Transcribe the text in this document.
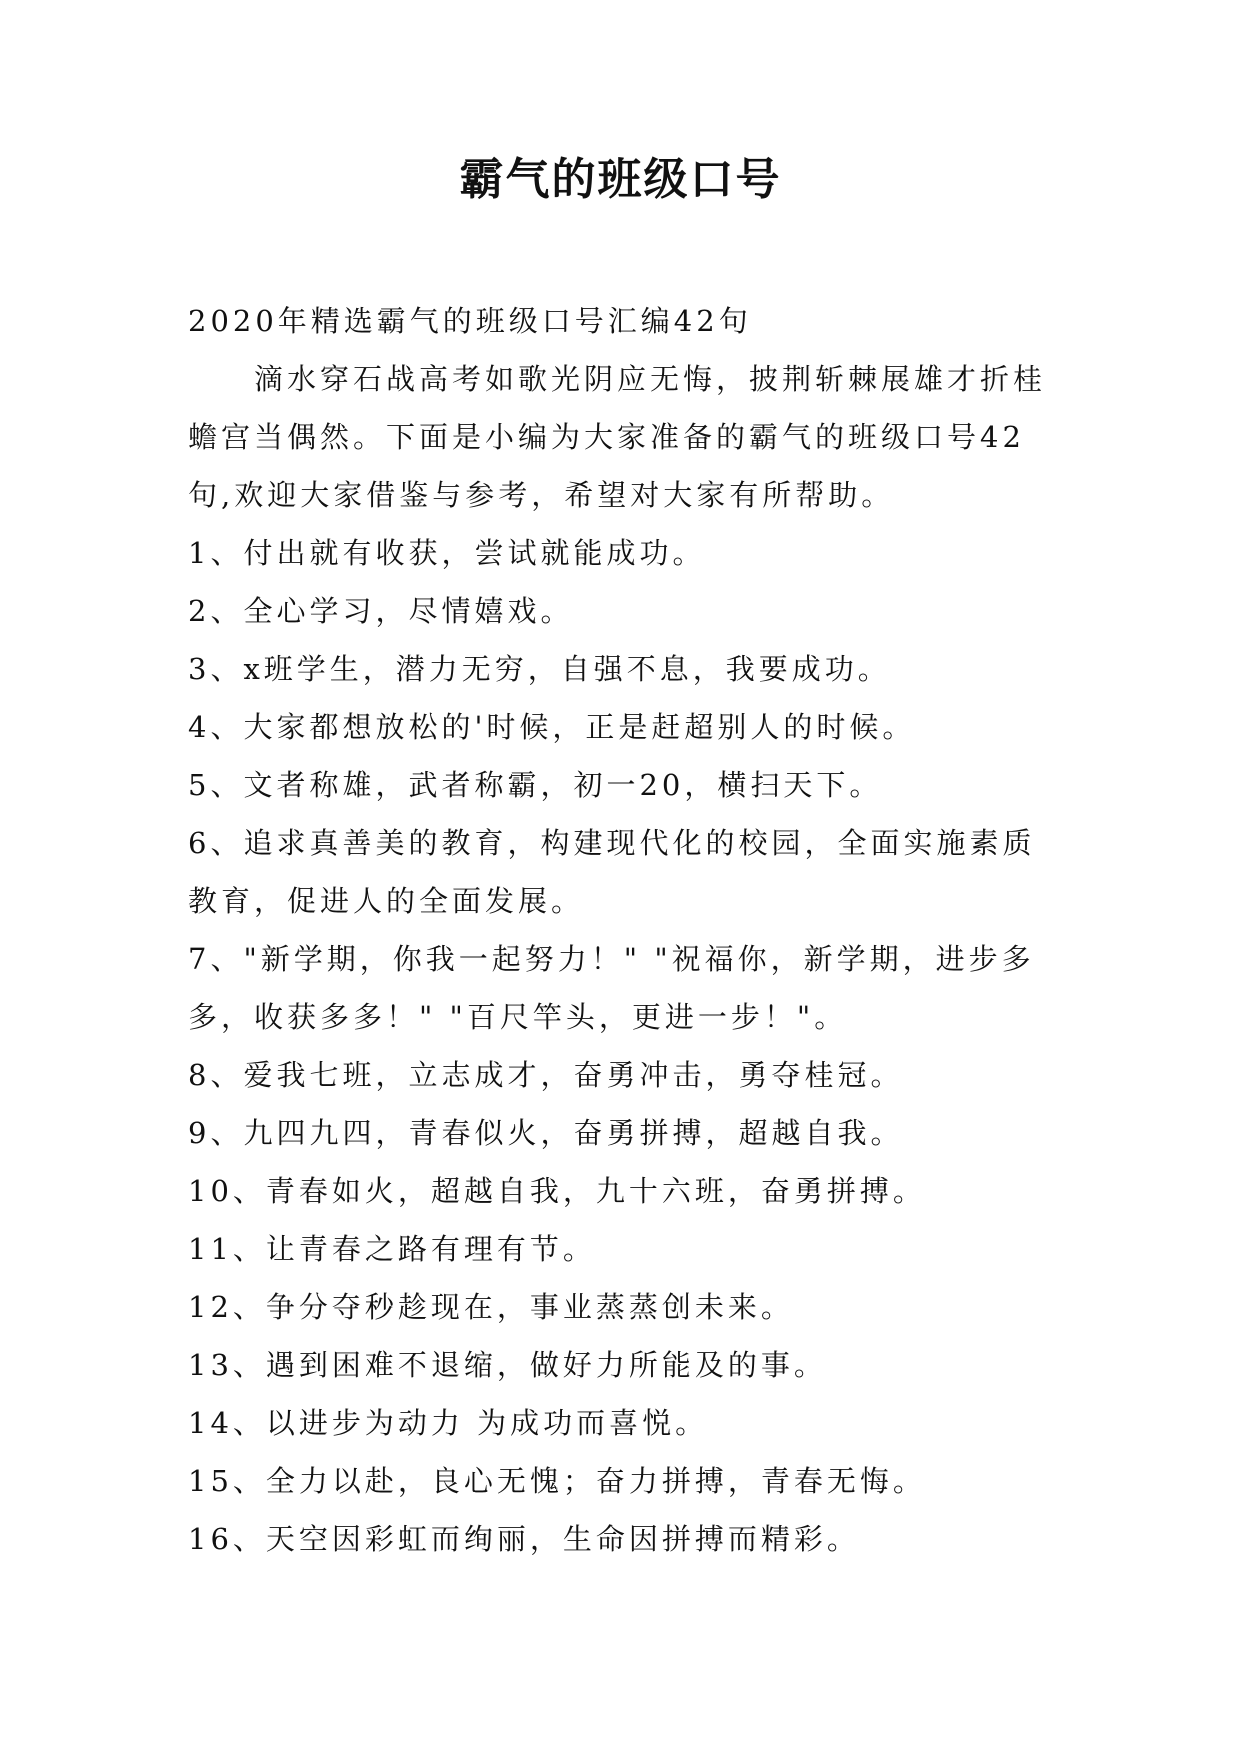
霸气的班级口号

2020年精选霸气的班级口号汇编42句

滴水穿石战高考如歌光阴应无悔，披荆斩棘展雄才折桂蟾宫当偶然。下面是小编为大家准备的霸气的班级口号42句,欢迎大家借鉴与参考，希望对大家有所帮助。

1、付出就有收获，尝试就能成功。

2、全心学习，尽情嬉戏。

3、x班学生，潜力无穷，自强不息，我要成功。

4、大家都想放松的'时候，正是赶超别人的时候。

5、文者称雄，武者称霸，初一20，横扫天下。

6、追求真善美的教育，构建现代化的校园，全面实施素质教育，促进人的全面发展。

7、"新学期，你我一起努力！" "祝福你，新学期，进步多多，收获多多！" "百尺竿头，更进一步！"。

8、爱我七班，立志成才，奋勇冲击，勇夺桂冠。

9、九四九四，青春似火，奋勇拼搏，超越自我。

10、青春如火，超越自我，九十六班，奋勇拼搏。

11、让青春之路有理有节。

12、争分夺秒趁现在，事业蒸蒸创未来。

13、遇到困难不退缩，做好力所能及的事。

14、以进步为动力 为成功而喜悦。

15、全力以赴，良心无愧；奋力拼搏，青春无悔。

16、天空因彩虹而绚丽，生命因拼搏而精彩。
